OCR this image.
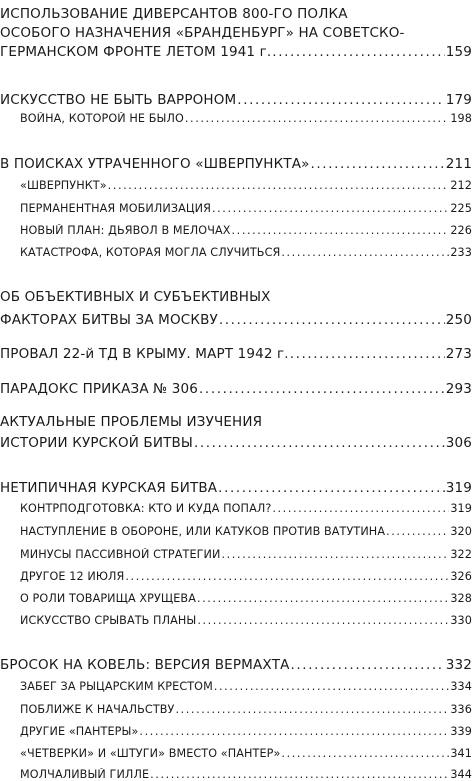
ИСПОЛЬЗОВАНИЕ ДИВЕРСАНТОВ 800-ГО ПОЛКА
ОСОБОГО НАЗНАЧЕНИЯ «БРАНДЕНБУРГ» НА СОВЕТСКО-
ГЕРМАНСКОМ ФРОНТЕ ЛЕТОМ 1941 г. .....	159
ИСКУССТВО НЕ БЫТЬ ВАРРОНОМ .....	179
ВОЙНА, КОТОРОЙ НЕ БЫЛО .....	198
В ПОИСКАХ УТРАЧЕННОГО «ШВЕРПУНКТА» .....	211
«ШВЕРПУНКТ» .....	212
ПЕРМАНЕНТНАЯ МОБИЛИЗАЦИЯ .....	225
НОВЫЙ ПЛАН: ДЬЯВОЛ В МЕЛОЧАХ .....	226
КАТАСТРОФА, КОТОРАЯ МОГЛА СЛУЧИТЬСЯ .....	233
ОБ ОБЪЕКТИВНЫХ И СУБЪЕКТИВНЫХ
ФАКТОРАХ БИТВЫ ЗА МОСКВУ .....	250
ПРОВАЛ 22-й ТД В КРЫМУ. МАРТ 1942 г. .....	273
ПАРАДОКС ПРИКАЗА № 306 .....	293
АКТУАЛЬНЫЕ ПРОБЛЕМЫ ИЗУЧЕНИЯ
ИСТОРИИ КУРСКОЙ БИТВЫ .....	306
НЕТИПИЧНАЯ КУРСКАЯ БИТВА .....	319
КОНТРПОДГОТОВКА: КТО И КУДА ПОПАЛ? .....	319
НАСТУПЛЕНИЕ В ОБОРОНЕ, ИЛИ КАТУКОВ ПРОТИВ ВАТУТИНА .....	320
МИНУСЫ ПАССИВНОЙ СТРАТЕГИИ .....	322
ДРУГОЕ 12 ИЮЛЯ .....	326
О РОЛИ ТОВАРИЩА ХРУЩЕВА .....	328
ИСКУССТВО СРЫВАТЬ ПЛАНЫ .....	330
БРОСОК НА КОВЕЛЬ: ВЕРСИЯ ВЕРМАХТА .....	332
ЗАБЕГ ЗА РЫЦАРСКИМ КРЕСТОМ .....	334
ПОБЛИЖЕ К НАЧАЛЬСТВУ .....	336
ДРУГИЕ «ПАНТЕРЫ» .....	339
«ЧЕТВЕРКИ» И «ШТУГИ» ВМЕСТО «ПАНТЕР» .....	341
МОЛЧАЛИВЫЙ ГИЛЛЕ .....	344
